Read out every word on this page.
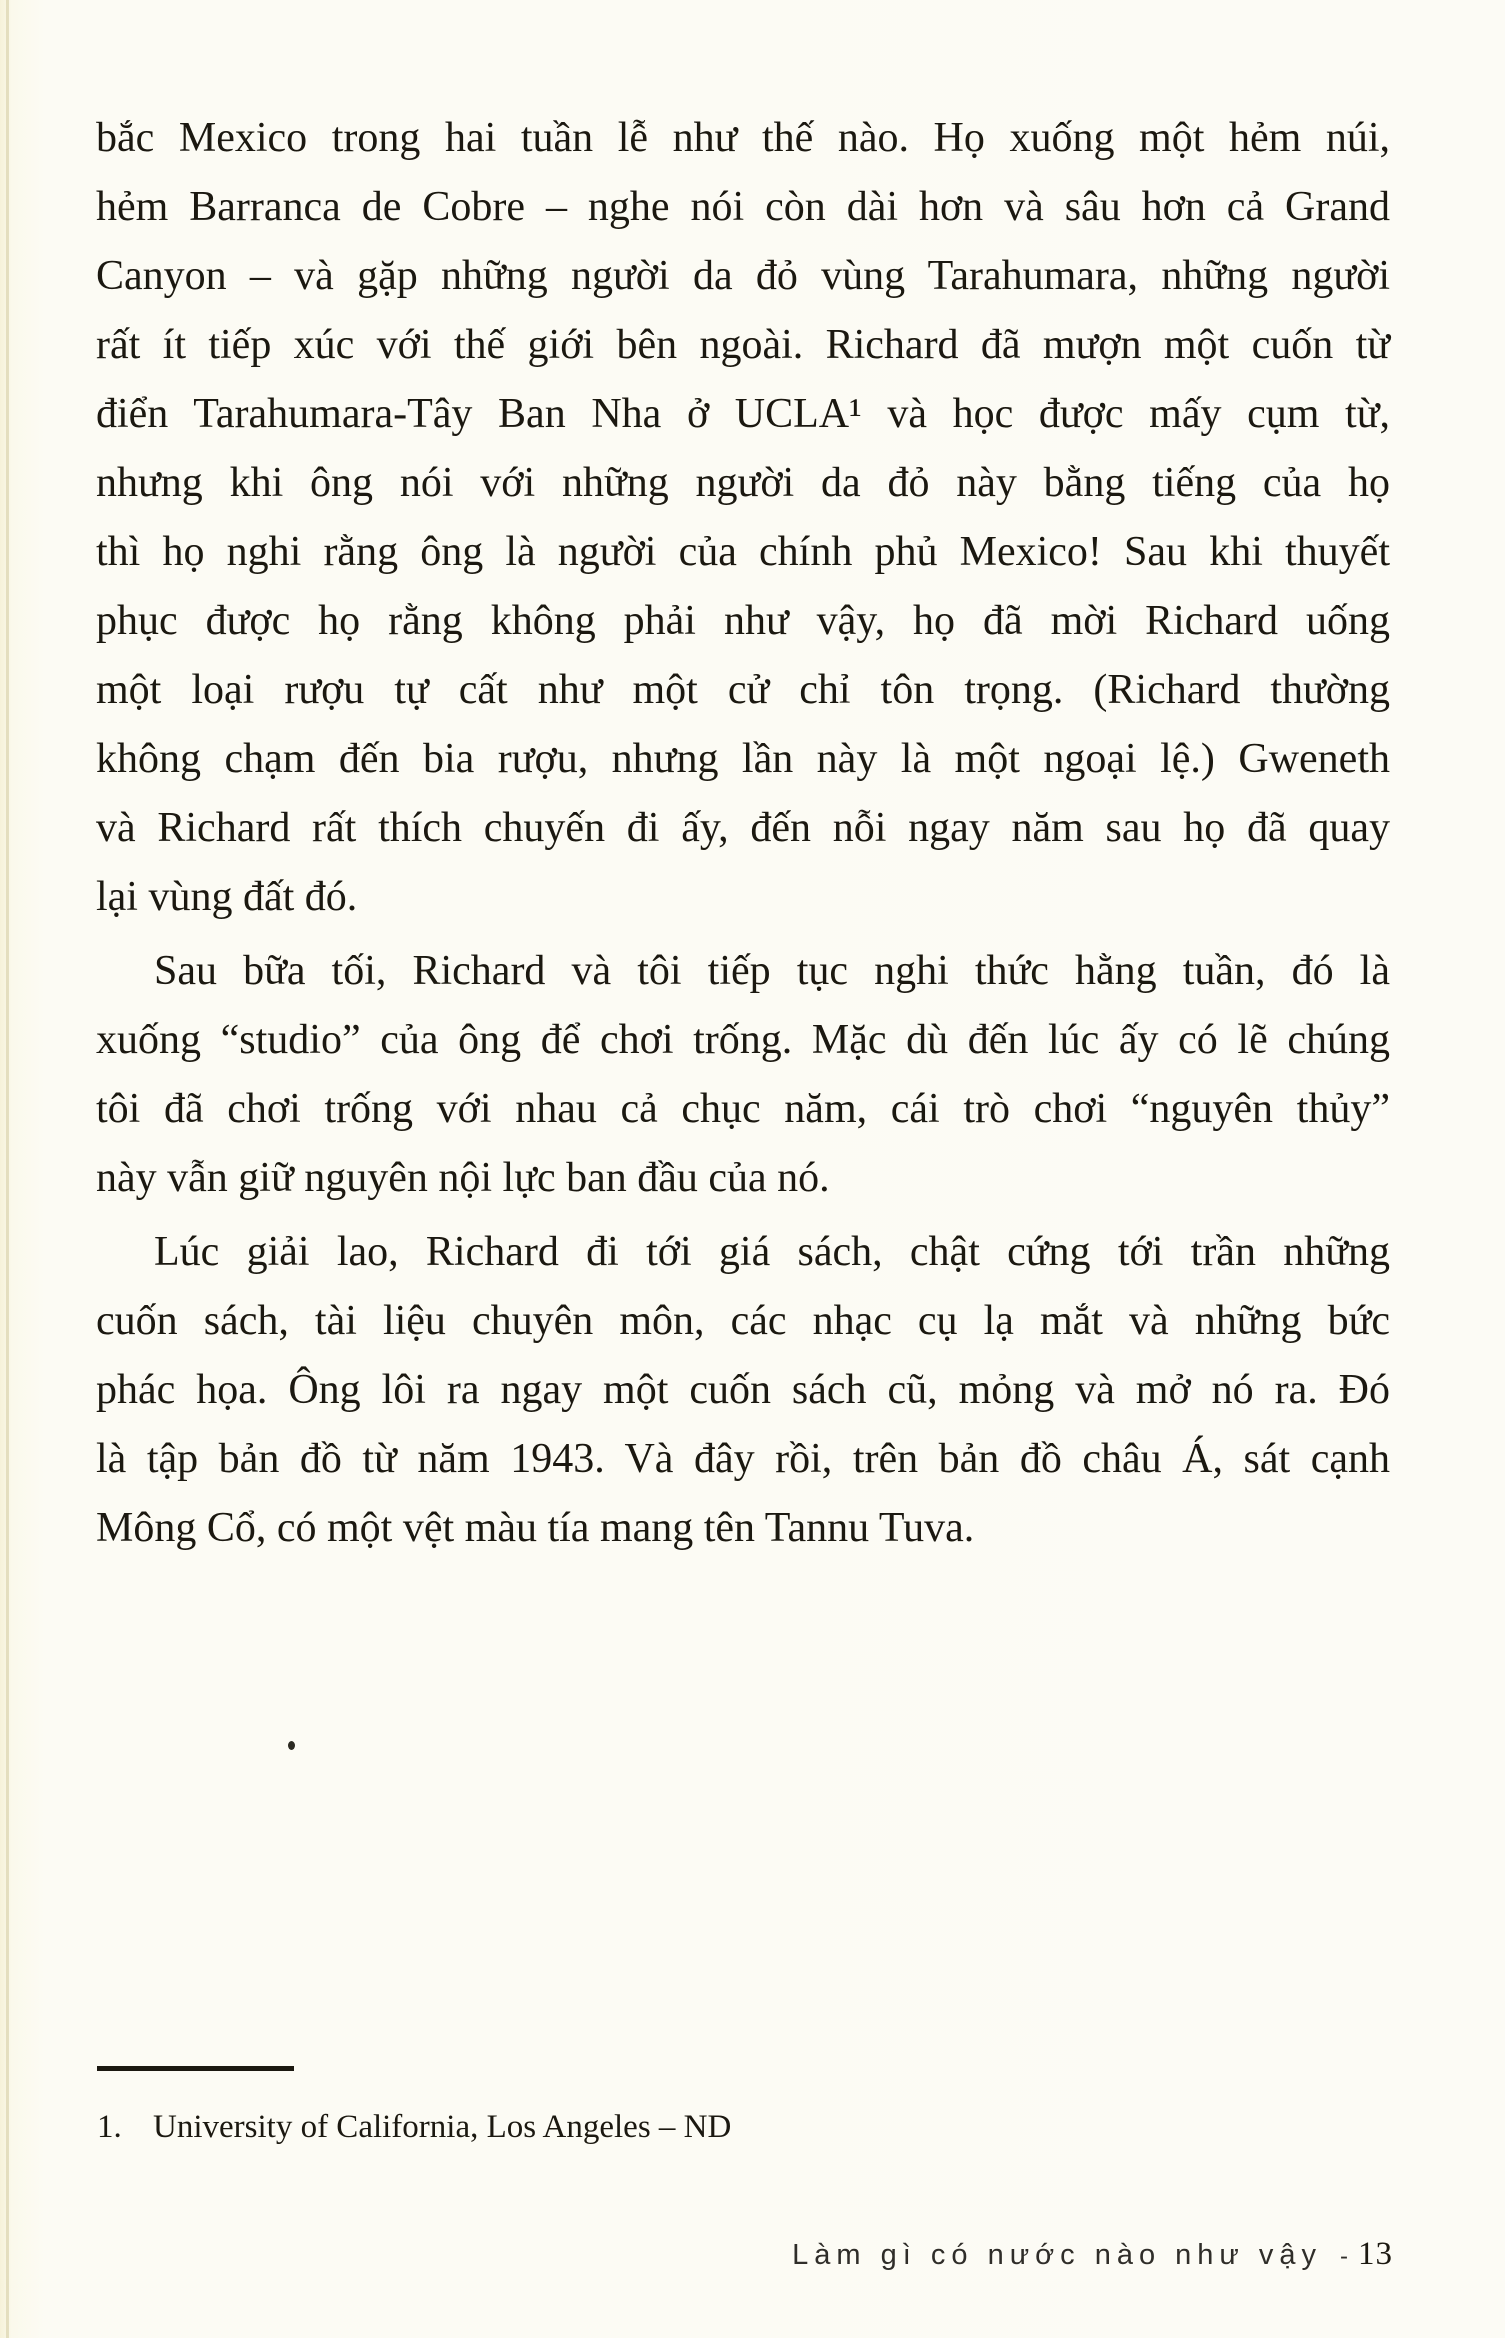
bắc Mexico trong hai tuần lễ như thế nào. Họ xuống một hẻm núi,
hẻm Barranca de Cobre – nghe nói còn dài hơn và sâu hơn cả Grand
Canyon – và gặp những người da đỏ vùng Tarahumara, những người
rất ít tiếp xúc với thế giới bên ngoài. Richard đã mượn một cuốn từ
điển Tarahumara-Tây Ban Nha ở UCLA¹ và học được mấy cụm từ,
nhưng khi ông nói với những người da đỏ này bằng tiếng của họ
thì họ nghi rằng ông là người của chính phủ Mexico! Sau khi thuyết
phục được họ rằng không phải như vậy, họ đã mời Richard uống
một loại rượu tự cất như một cử chỉ tôn trọng. (Richard thường
không chạm đến bia rượu, nhưng lần này là một ngoại lệ.) Gweneth
và Richard rất thích chuyến đi ấy, đến nỗi ngay năm sau họ đã quay
lại vùng đất đó.
Sau bữa tối, Richard và tôi tiếp tục nghi thức hằng tuần, đó là
xuống “studio” của ông để chơi trống. Mặc dù đến lúc ấy có lẽ chúng
tôi đã chơi trống với nhau cả chục năm, cái trò chơi “nguyên thủy”
này vẫn giữ nguyên nội lực ban đầu của nó.
Lúc giải lao, Richard đi tới giá sách, chật cứng tới trần những
cuốn sách, tài liệu chuyên môn, các nhạc cụ lạ mắt và những bức
phác họa. Ông lôi ra ngay một cuốn sách cũ, mỏng và mở nó ra. Đó
là tập bản đồ từ năm 1943. Và đây rồi, trên bản đồ châu Á, sát cạnh
Mông Cổ, có một vệt màu tía mang tên Tannu Tuva.
1. University of California, Los Angeles – ND
Làm gì có nước nào như vậy - 13
